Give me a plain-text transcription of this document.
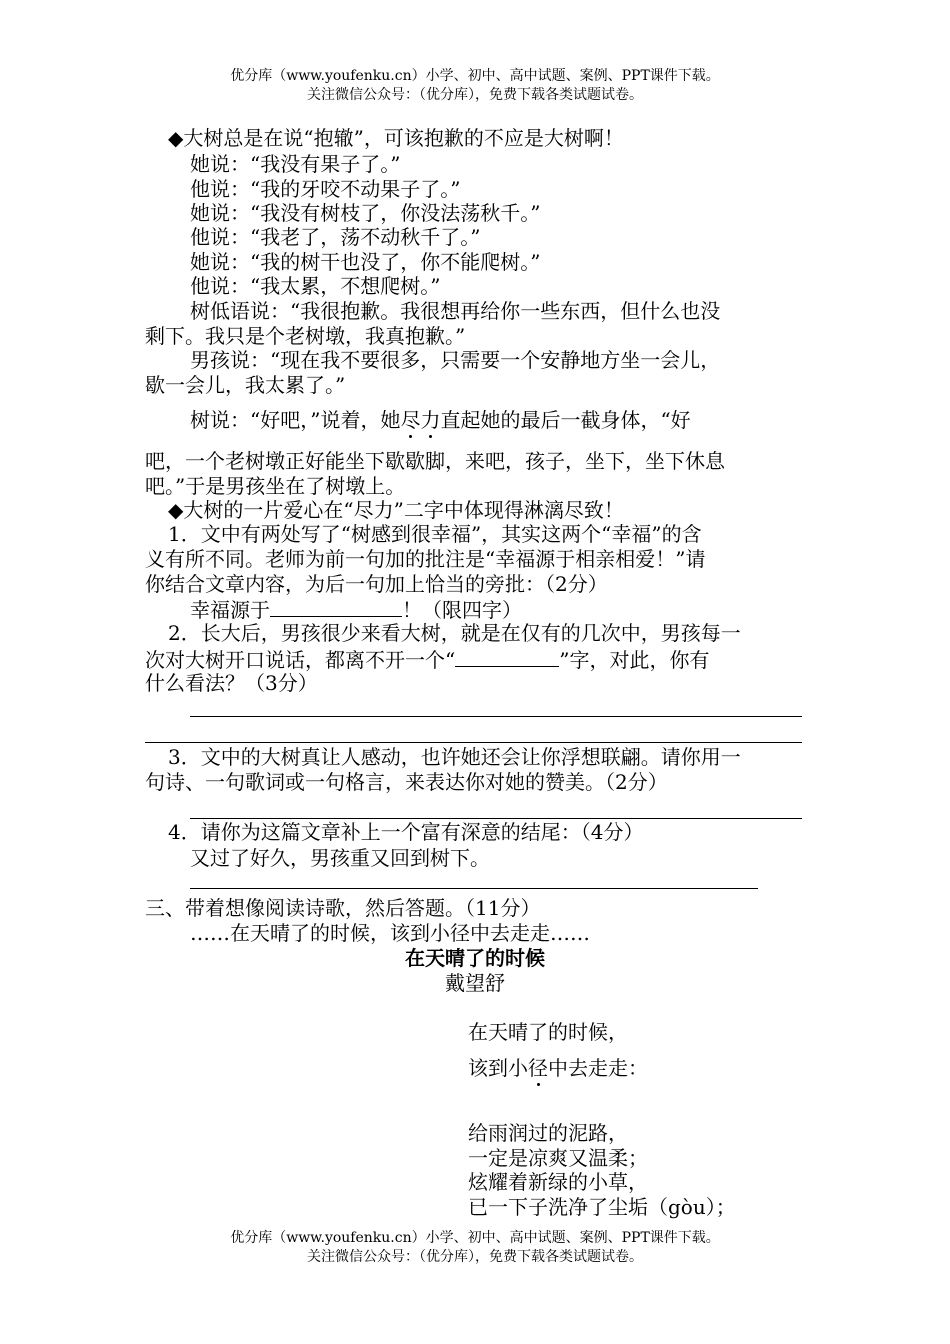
优分库（www.youfenku.cn）小学、初中、高中试题、案例、PPT课件下载。
关注微信公众号：（优分库），免费下载各类试题试卷。
◆大树总是在说“抱辙”，可该抱歉的不应是大树啊！
她说：“我没有果子了。”
他说：“我的牙咬不动果子了。”
她说：“我没有树枝了，你没法荡秋千。”
他说：“我老了，荡不动秋千了。”
她说：“我的树干也没了，你不能爬树。”
他说：“我太累，不想爬树。”
树低语说：“我很抱歉。我很想再给你一些东西，但什么也没
剩下。我只是个老树墩，我真抱歉。”
男孩说：“现在我不要很多，只需要一个安静地方坐一会儿，
歇一会儿，我太累了。”
树说：“好吧，”说着，她尽力直起她的最后一截身体，“好
吧，一个老树墩正好能坐下歇歇脚，来吧，孩子，坐下，坐下休息
吧。”于是男孩坐在了树墩上。
◆大树的一片爱心在“尽力”二字中体现得淋漓尽致！
1．文中有两处写了“树感到很幸福”，其实这两个“幸福”的含
义有所不同。老师为前一句加的批注是“幸福源于相亲相爱！”请
你结合文章内容，为后一句加上恰当的旁批：（2分）
幸福源于	！（限四字）
2．长大后，男孩很少来看大树，就是在仅有的几次中，男孩每一
次对大树开口说话，都离不开一个“	”字，对此，你有
什么看法？（3分）
3．文中的大树真让人感动，也许她还会让你浮想联翩。请你用一
句诗、一句歌词或一句格言，来表达你对她的赞美。（2分）
4．请你为这篇文章补上一个富有深意的结尾：（4分）
又过了好久，男孩重又回到树下。
三、带着想像阅读诗歌，然后答题。（11分）
……在天晴了的时候，该到小径中去走走……
在天晴了的时候
戴望舒
在天晴了的时候，
该到小径中去走走：
给雨润过的泥路，
一定是凉爽又温柔；
炫耀着新绿的小草，
已一下子洗净了尘垢（gòu）；
优分库（www.youfenku.cn）小学、初中、高中试题、案例、PPT课件下载。
关注微信公众号：（优分库），免费下载各类试题试卷。
